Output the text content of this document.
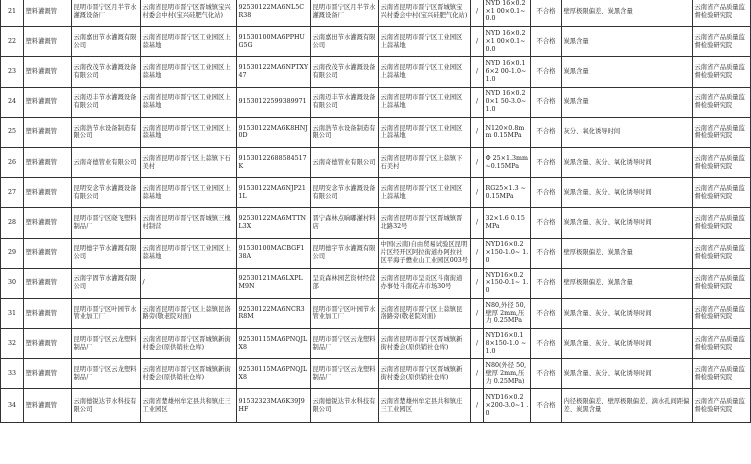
21	塑料灌溉管	昆明市晋宁区月半节水灌溉设备厂	云南省昆明市晋宁区晋城镇宝兴村委会中村(宝兴硅肥气化站)	92530122MA6NL5CR38	昆明市晋宁区月半节水灌溉设备厂	云南省昆明市晋宁区晋城镇宝兴村委会中村(宝兴硅肥气化站)	/	NYD 16×0.2×1 00×0.1~0.0	不合格	壁厚极限偏差、炭黑含量	云南省产品质量监督检验研究院
22	塑料灌溉管	云南嘉田节水灌溉有限公司	云南省昆明市晋宁区工业园区上蒜基地	91530100MA6PPHUG5G	云南嘉田节水灌溉有限公司	云南省昆明市晋宁区工业园区上蒜基地	/	NYD 16×0.2×1 00×0.1~0.0	不合格	炭黑含量	云南省产品质量监督检验研究院
23	塑料灌溉管	云南孜茂节水灌溉设备有限公司	云南省昆明市晋宁区工业园区上蒜基地	91530122MA6NPTXY47	云南孜茂节水灌溉设备有限公司	云南省昆明市晋宁区工业园区上蒜基地	/	NYD 16×0.16×2 00-1.0~1.0	不合格	炭黑含量	云南省产品质量监督检验研究院
24	塑料灌溉管	云南迈丰节水灌溉设备有限公司	云南省昆明市晋宁区工业园区上蒜基地	91530122599389971	云南迈丰节水灌溉设备有限公司	云南省昆明市晋宁区工业园区上蒜基地	/	NYD 16×0.20×1 50-3.0~1.0	不合格	炭黑含量	云南省产品质量监督检验研究院
25	塑料灌溉管	云南浩节水设备制造有限公司	云南省昆明市晋宁区工业园区上蒜基地	91530122MA6K8HNJ0D	云南浩节水设备制造有限公司	云南省昆明市晋宁区工业园区上蒜基地	/	N120×0.8m m 0.15MPa	不合格	灰分、氧化诱导时间	云南省产品质量监督检验研究院
26	塑料灌溉管	云南奇德管业有限公司	云南省昆明市晋宁区上蒜镇下石美村	91530122688584517K	云南奇德管业有限公司	云南省昆明市晋宁区上蒜镇下石美村	/	Φ 25×1.3mm ~0.15MPa	不合格	炭黑含量、灰分、氧化诱导时间	云南省产品质量监督检验研究院
27	塑料灌溉管	昆明安念节水灌溉设备有限公司	云南省昆明市晋宁区工业园区上蒜基地	91530122MA6NJP211L	昆明安念节水灌溉设备有限公司	云南省昆明市晋宁区工业园区上蒜基地	/	RG25×1.3 ~0.15MPa	不合格	炭黑含量、灰分、氧化诱导时间	云南省产品质量监督检验研究院
28	塑料灌溉管	昆明市晋宁区晓飞塑料制品厂	云南省昆明市晋宁区晋城镇三槐村制营	92530122MA6MTTNL3X	晋宁森林点晌嘟灌村料店	云南省昆明市晋宁区晋城镇晋北路32号	/	32×1.6 0.15MPa	不合格	炭黑含量、灰分、氧化诱导时间	云南省产品质量监督检验研究院
29	塑料灌溉管	昆明德宇节水灌溉有限公司	云南省昆明市晋宁区工业园区上蒜基地	91530100MACBGF138A	昆明德宇节水灌溉有限公司	中国(云南)自由贸易试验区昆明片区经开区阿拉街道办阿拉社区平海子懋业山工业园区003号	/	NYD16×0.2 ×150-1.0~ 1.0	不合格	壁厚极限偏差、炭黑含量	云南省产品质量监督检验研究院
30	塑料灌溉管	云南宇固节水灌溉有限公司	/	92530121MA6LXPLM9N	呈贡森林园艺资材经营部	云南省昆明市呈贡区斗南街道办事处斗南花卉市场30号	/	NYD16×0.2 ×150-0.1~ 1.0	不合格	壁厚极限偏差、炭黑含量	云南省产品质量监督检验研究院
31	塑料灌溉管	昆明市晋宁区叶园节水管业加工厂	云南省昆明市晋宁区上蒜镇昆洛路旁(敬老院对面)	92530122MA6NCR3R8M	昆明市晋宁区叶园节水管业加工厂	云南省昆明市晋宁区上蒜镇昆洛路旁(敬老院对面)	/	N80,外径 50,壁厚 2mm,压力 0.25MPa	不合格	炭黑含量、灰分、氧化诱导时间	云南省产品质量监督检验研究院
32	塑料灌溉管	昆明市晋宁区云龙塑料制品厂	云南省昆明市晋宁区晋城镇新街村委会(原供销社仓库)	92530115MA6PNQJLX8	昆明市晋宁区云龙塑料制品厂	云南省昆明市晋宁区晋城镇新街村委会(原供销社仓库)	/	NYD16×0.1 8×150-1.0 ~1.0	不合格	炭黑含量、灰分、氧化诱导时间	云南省产品质量监督检验研究院
33	塑料灌溉管	昆明市晋宁区云龙塑料制品厂	云南省昆明市晋宁区晋城镇新街村委会(原供销社仓库)	92530115MA6PNQJLX8	昆明市晋宁区云龙塑料制品厂	云南省昆明市晋宁区晋城镇新街村委会(原供销社仓库)	/	N80(外径 50,壁厚 2mm,压力 0.25MPa)	不合格	炭黑含量、灰分、氧化诱导时间	云南省产品质量监督检验研究院
34	塑料灌溉管	云南德锐达节水科技有限公司	云南省楚雄州牟定县共和镇庄三工业园区	91532323MA6K39J9HF	云南德锐达节水科技有限公司	云南省楚雄州牟定县共和镇庄三工业园区	/	NYD16×0.2 ×200-3.0~1 .0	不合格	内径极限偏差、壁厚极限偏差、滴水孔间距偏差、炭黑含量	云南省产品质量监督检验研究院
